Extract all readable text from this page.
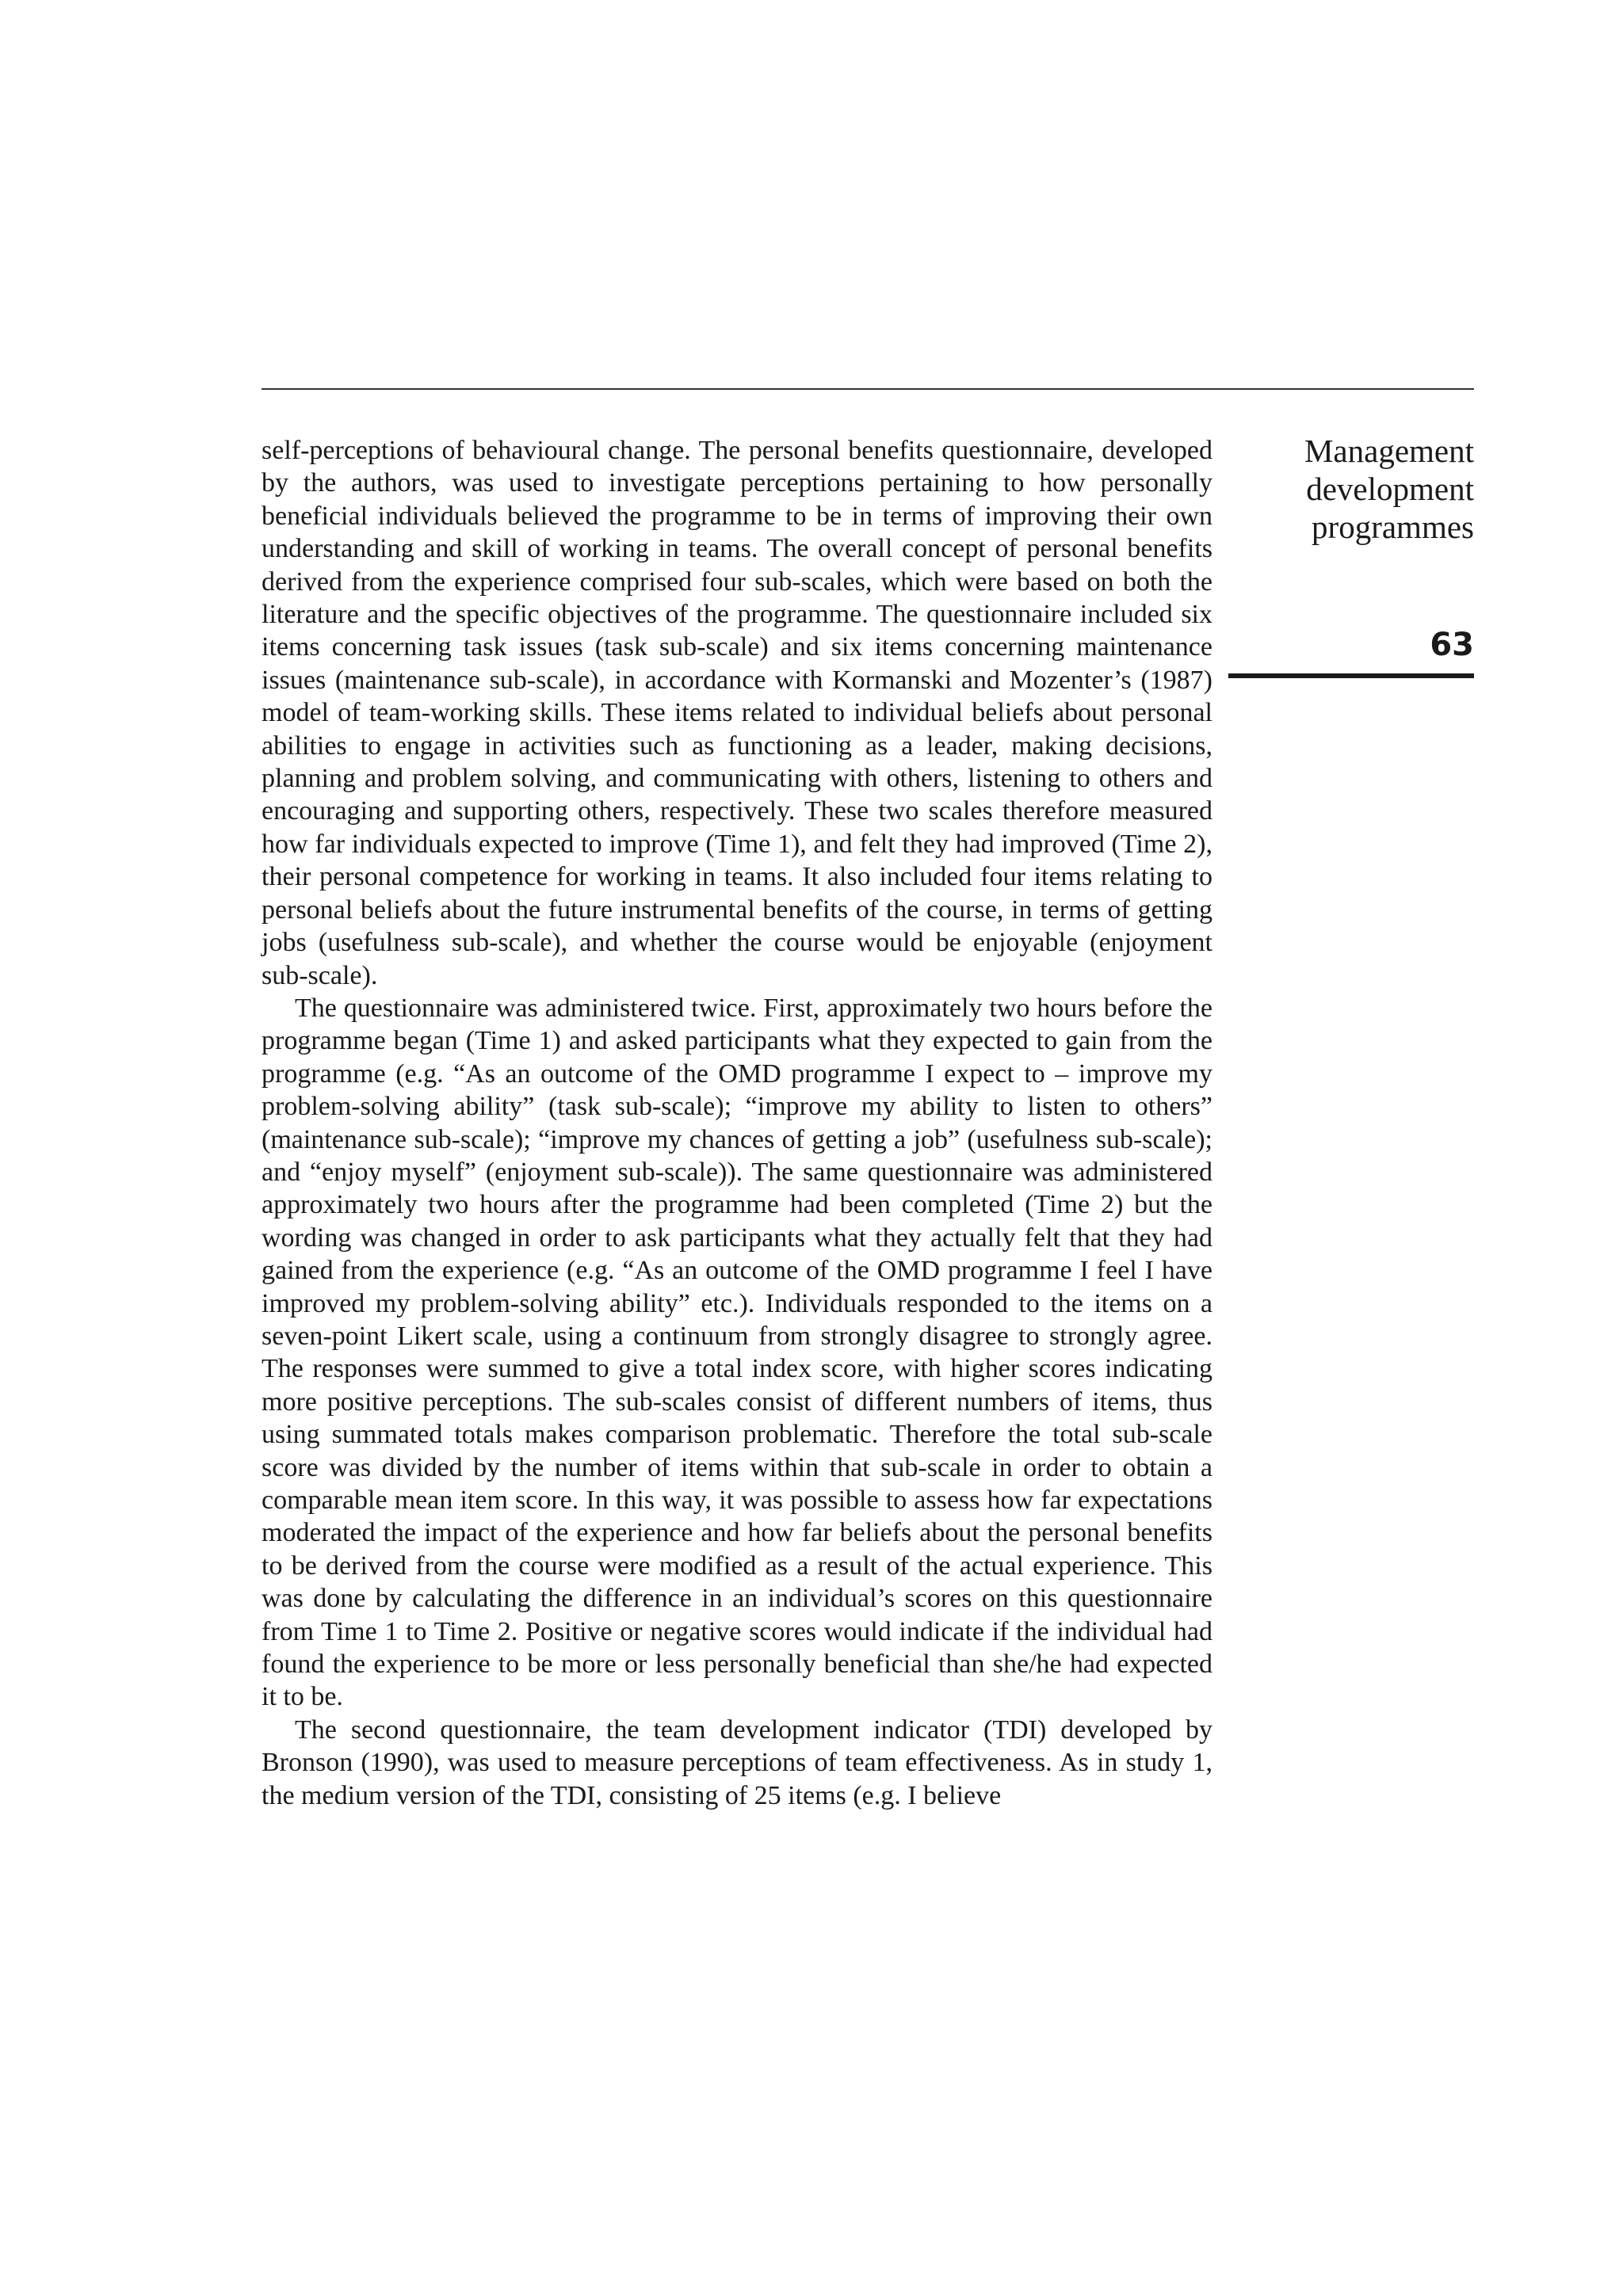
Management
development
programmes
63

self-perceptions of behavioural change. The personal benefits questionnaire, developed by the authors, was used to investigate perceptions pertaining to how personally beneficial individuals believed the programme to be in terms of improving their own understanding and skill of working in teams. The overall concept of personal benefits derived from the experience comprised four sub-scales, which were based on both the literature and the specific objectives of the programme. The questionnaire included six items concerning task issues (task sub-scale) and six items concerning maintenance issues (maintenance sub-scale), in accordance with Kormanski and Mozenter’s (1987) model of team-working skills. These items related to individual beliefs about personal abilities to engage in activities such as functioning as a leader, making decisions, planning and problem solving, and communicating with others, listening to others and encouraging and supporting others, respectively. These two scales therefore measured how far individuals expected to improve (Time 1), and felt they had improved (Time 2), their personal competence for working in teams. It also included four items relating to personal beliefs about the future instrumental benefits of the course, in terms of getting jobs (usefulness sub-scale), and whether the course would be enjoyable (enjoyment sub-scale).

The questionnaire was administered twice. First, approximately two hours before the programme began (Time 1) and asked participants what they expected to gain from the programme (e.g. “As an outcome of the OMD programme I expect to – improve my problem-solving ability” (task sub-scale); “improve my ability to listen to others” (maintenance sub-scale); “improve my chances of getting a job” (usefulness sub-scale); and “enjoy myself” (enjoyment sub-scale)). The same questionnaire was administered approximately two hours after the programme had been completed (Time 2) but the wording was changed in order to ask participants what they actually felt that they had gained from the experience (e.g. “As an outcome of the OMD programme I feel I have improved my problem-solving ability” etc.). Individuals responded to the items on a seven-point Likert scale, using a continuum from strongly disagree to strongly agree. The responses were summed to give a total index score, with higher scores indicating more positive perceptions. The sub-scales consist of different numbers of items, thus using summated totals makes comparison problematic. Therefore the total sub-scale score was divided by the number of items within that sub-scale in order to obtain a comparable mean item score. In this way, it was possible to assess how far expectations moderated the impact of the experience and how far beliefs about the personal benefits to be derived from the course were modified as a result of the actual experience. This was done by calculating the difference in an individual’s scores on this questionnaire from Time 1 to Time 2. Positive or negative scores would indicate if the individual had found the experience to be more or less personally beneficial than she/he had expected it to be.

The second questionnaire, the team development indicator (TDI) developed by Bronson (1990), was used to measure perceptions of team effectiveness. As in study 1, the medium version of the TDI, consisting of 25 items (e.g. I believe
